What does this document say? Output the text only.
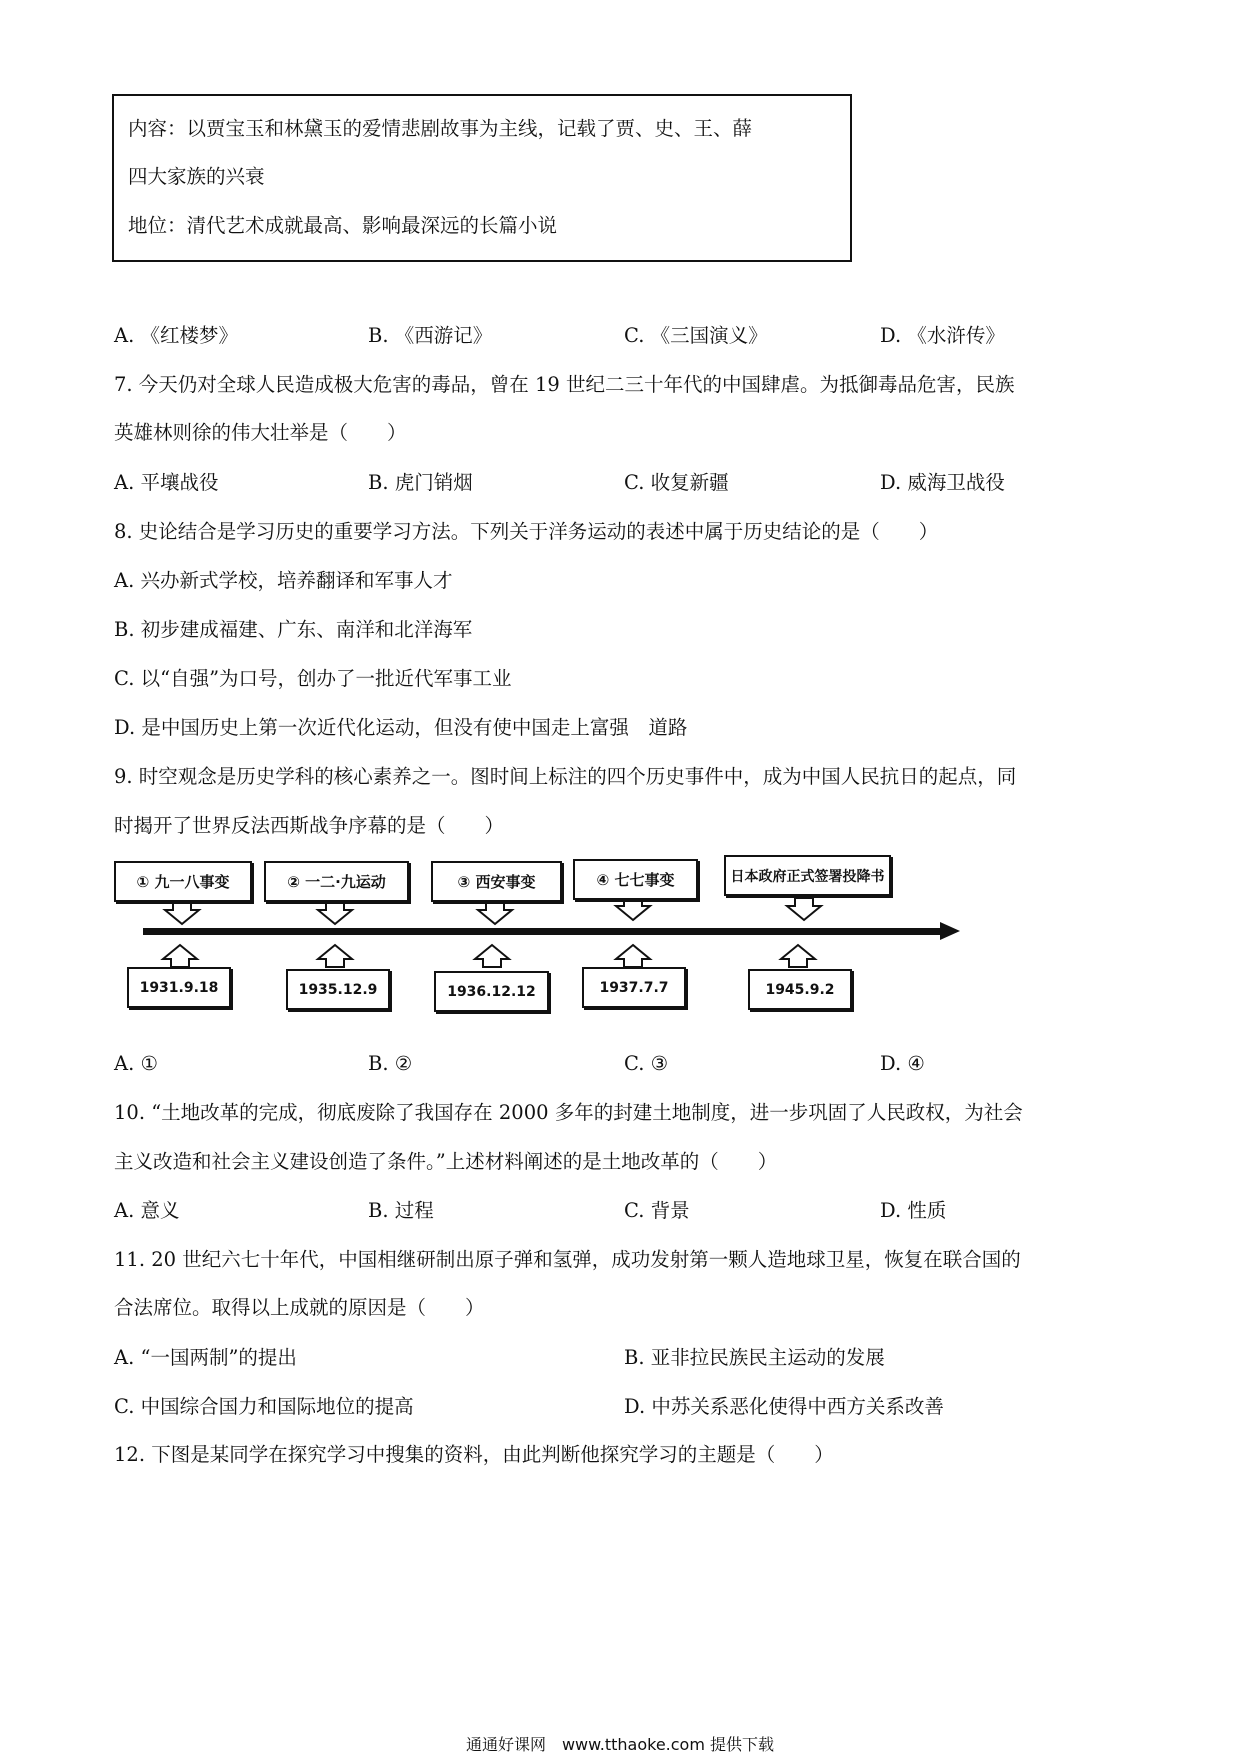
内容：以贾宝玉和林黛玉的爱情悲剧故事为主线，记载了贾、史、王、薛
四大家族的兴衰
地位：清代艺术成就最高、影响最深远的长篇小说
A. 《红楼梦》	B. 《西游记》	C. 《三国演义》	D. 《水浒传》
7. 今天仍对全球人民造成极大危害的毒品，曾在 19 世纪二三十年代的中国肆虐。为抵御毒品危害，民族
英雄林则徐的伟大壮举是（　　）
A. 平壤战役	B. 虎门销烟	C. 收复新疆	D. 威海卫战役
8. 史论结合是学习历史的重要学习方法。下列关于洋务运动的表述中属于历史结论的是（　　）
A. 兴办新式学校，培养翻译和军事人才
B. 初步建成福建、广东、南洋和北洋海军
C. 以“自强”为口号，创办了一批近代军事工业
D. 是中国历史上第一次近代化运动，但没有使中国走上富强　道路
9. 时空观念是历史学科的核心素养之一。图时间上标注的四个历史事件中，成为中国人民抗日的起点，同
时揭开了世界反法西斯战争序幕的是（　　）
① 九一八事变	② 一二·九运动	③ 西安事变	④ 七七事变	日本政府正式签署投降书
1931.9.18	1935.12.9	1936.12.12	1937.7.7	1945.9.2
A. ①	B. ②	C. ③	D. ④
10. “土地改革的完成，彻底废除了我国存在 2000 多年的封建土地制度，进一步巩固了人民政权，为社会
主义改造和社会主义建设创造了条件。”上述材料阐述的是土地改革的（　　）
A. 意义	B. 过程	C. 背景	D. 性质
11. 20 世纪六七十年代，中国相继研制出原子弹和氢弹，成功发射第一颗人造地球卫星，恢复在联合国的
合法席位。取得以上成就的原因是（　　）
A. “一国两制”的提出	B. 亚非拉民族民主运动的发展
C. 中国综合国力和国际地位的提高	D. 中苏关系恶化使得中西方关系改善
12. 下图是某同学在探究学习中搜集的资料，由此判断他探究学习的主题是（　　）
通通好课网　www.tthaoke.com 提供下载
